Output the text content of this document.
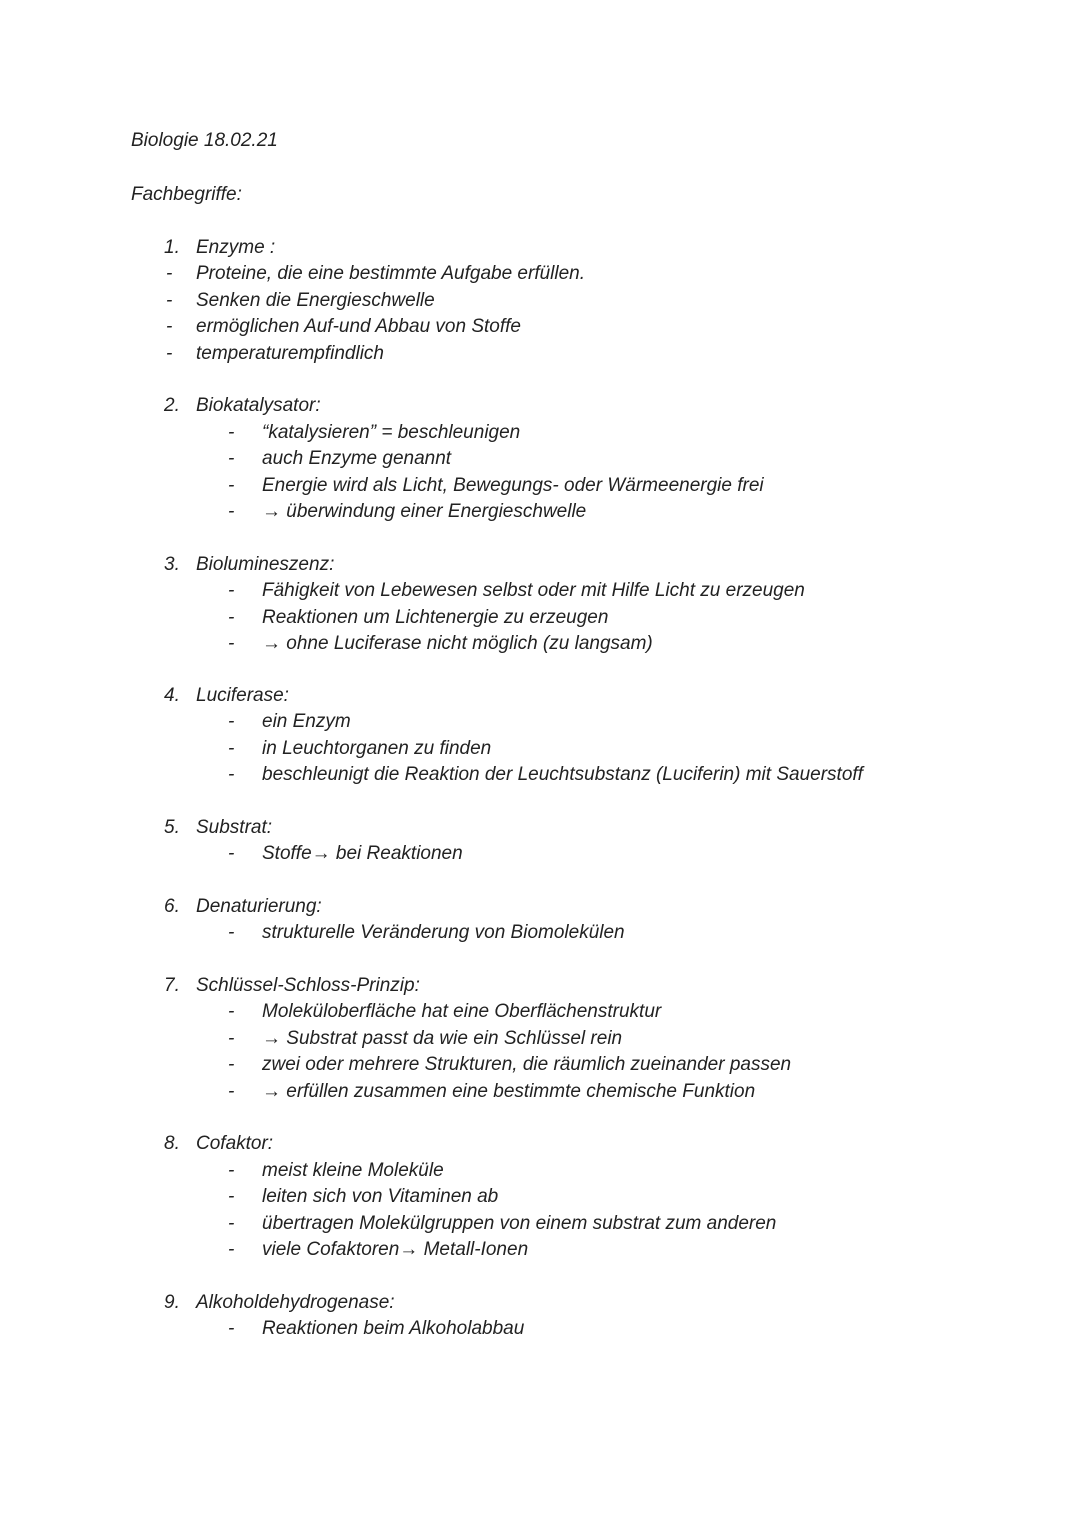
Biologie 18.02.21
Fachbegriffe:
1. Enzyme :
- Proteine, die eine bestimmte Aufgabe erfüllen.
- Senken die Energieschwelle
- ermöglichen Auf-und Abbau von Stoffe
- temperaturempfindlich
2. Biokatalysator:
- “katalysieren” = beschleunigen
- auch Enzyme genannt
- Energie wird als Licht, Bewegungs- oder Wärmeenergie frei
- → überwindung einer Energieschwelle
3. Biolumineszenz:
- Fähigkeit von Lebewesen selbst oder mit Hilfe Licht zu erzeugen
- Reaktionen um Lichtenergie zu erzeugen
- → ohne Luciferase nicht möglich (zu langsam)
4. Luciferase:
- ein Enzym
- in Leuchtorganen zu finden
- beschleunigt die Reaktion der Leuchtsubstanz (Luciferin) mit Sauerstoff
5. Substrat:
- Stoffe→ bei Reaktionen
6. Denaturierung:
- strukturelle Veränderung von Biomolekülen
7. Schlüssel-Schloss-Prinzip:
- Moleküloberfläche hat eine Oberflächenstruktur
- → Substrat passt da wie ein Schlüssel rein
- zwei oder mehrere Strukturen, die räumlich zueinander passen
- → erfüllen zusammen eine bestimmte chemische Funktion
8. Cofaktor:
- meist kleine Moleküle
- leiten sich von Vitaminen ab
- übertragen Molekülgruppen von einem substrat zum anderen
- viele Cofaktoren→ Metall-Ionen
9. Alkoholdehydrogenase:
- Reaktionen beim Alkoholabbau
